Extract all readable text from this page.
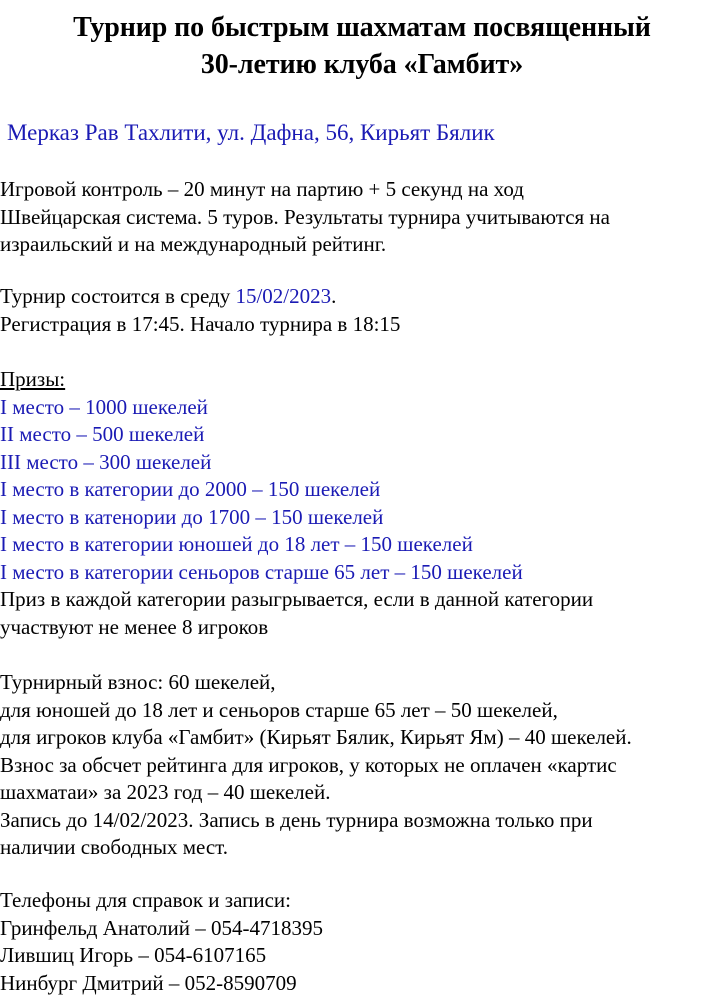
Турнир по быстрым шахматам посвященный
30-летию клуба «Гамбит»
Мерказ Рав Тахлити, ул. Дафна, 56, Кирьят Бялик
Игровой контроль – 20 минут на партию + 5 секунд на ход
Швейцарская система. 5 туров. Результаты турнира учитываются на
израильский и на международный рейтинг.
Турнир состоится в среду 15/02/2023.
Регистрация в 17:45. Начало турнира в 18:15
Призы:
I место – 1000 шекелей
II место – 500 шекелей
III место – 300 шекелей
I место в категории до 2000 – 150 шекелей
I место в катенории до 1700 – 150 шекелей
I место в категории юношей до 18 лет – 150 шекелей
I место в категории сеньоров старше 65 лет – 150 шекелей
Приз в каждой категории разыгрывается, если в данной категории
участвуют не менее 8 игроков
Турнирный взнос: 60 шекелей,
для юношей до 18 лет и сеньоров старше 65 лет – 50 шекелей,
для игроков клуба «Гамбит» (Кирьят Бялик, Кирьят Ям) – 40 шекелей.
Взнос за обсчет рейтинга для игроков, у которых не оплачен «картис
шахматаи» за 2023 год – 40 шекелей.
Запись до 14/02/2023. Запись в день турнира возможна только при
наличии свободных мест.
Телефоны для справок и записи:
Гринфельд Анатолий – 054-4718395
Лившиц Игорь – 054-6107165
Нинбург Дмитрий – 052-8590709
